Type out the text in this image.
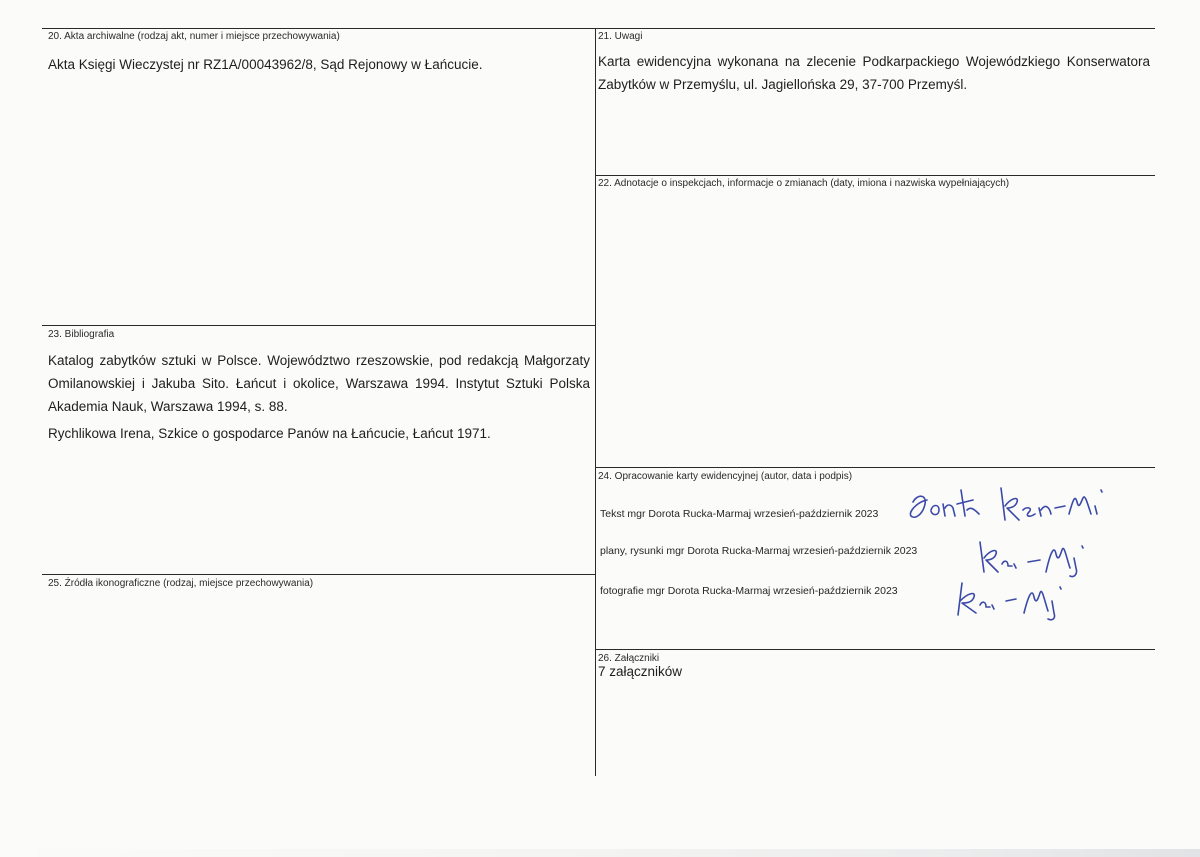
20. Akta archiwalne (rodzaj akt, numer i miejsce przechowywania)
Akta Księgi Wieczystej nr RZ1A/00043962/8, Sąd Rejonowy w Łańcucie.
21. Uwagi
Karta ewidencyjna wykonana na zlecenie Podkarpackiego Wojewódzkiego Konserwatora Zabytków w Przemyślu, ul. Jagiellońska 29, 37-700 Przemyśl.
22. Adnotacje o inspekcjach, informacje o zmianach (daty, imiona i nazwiska wypełniających)
23. Bibliografia
Katalog zabytków sztuki w Polsce. Województwo rzeszowskie, pod redakcją Małgorzaty Omilanowskiej i Jakuba Sito. Łańcut i okolice, Warszawa 1994. Instytut Sztuki Polska Akademia Nauk, Warszawa 1994, s. 88.
Rychlikowa Irena, Szkice o gospodarce Panów na Łańcucie, Łańcut 1971.
24. Opracowanie karty ewidencyjnej (autor, data i podpis)
Tekst mgr Dorota Rucka-Marmaj wrzesień-październik 2023
plany, rysunki mgr Dorota Rucka-Marmaj wrzesień-październik 2023
fotografie mgr Dorota Rucka-Marmaj wrzesień-październik 2023
25. Źródła ikonograficzne (rodzaj, miejsce przechowywania)
26. Załączniki
7 załączników
